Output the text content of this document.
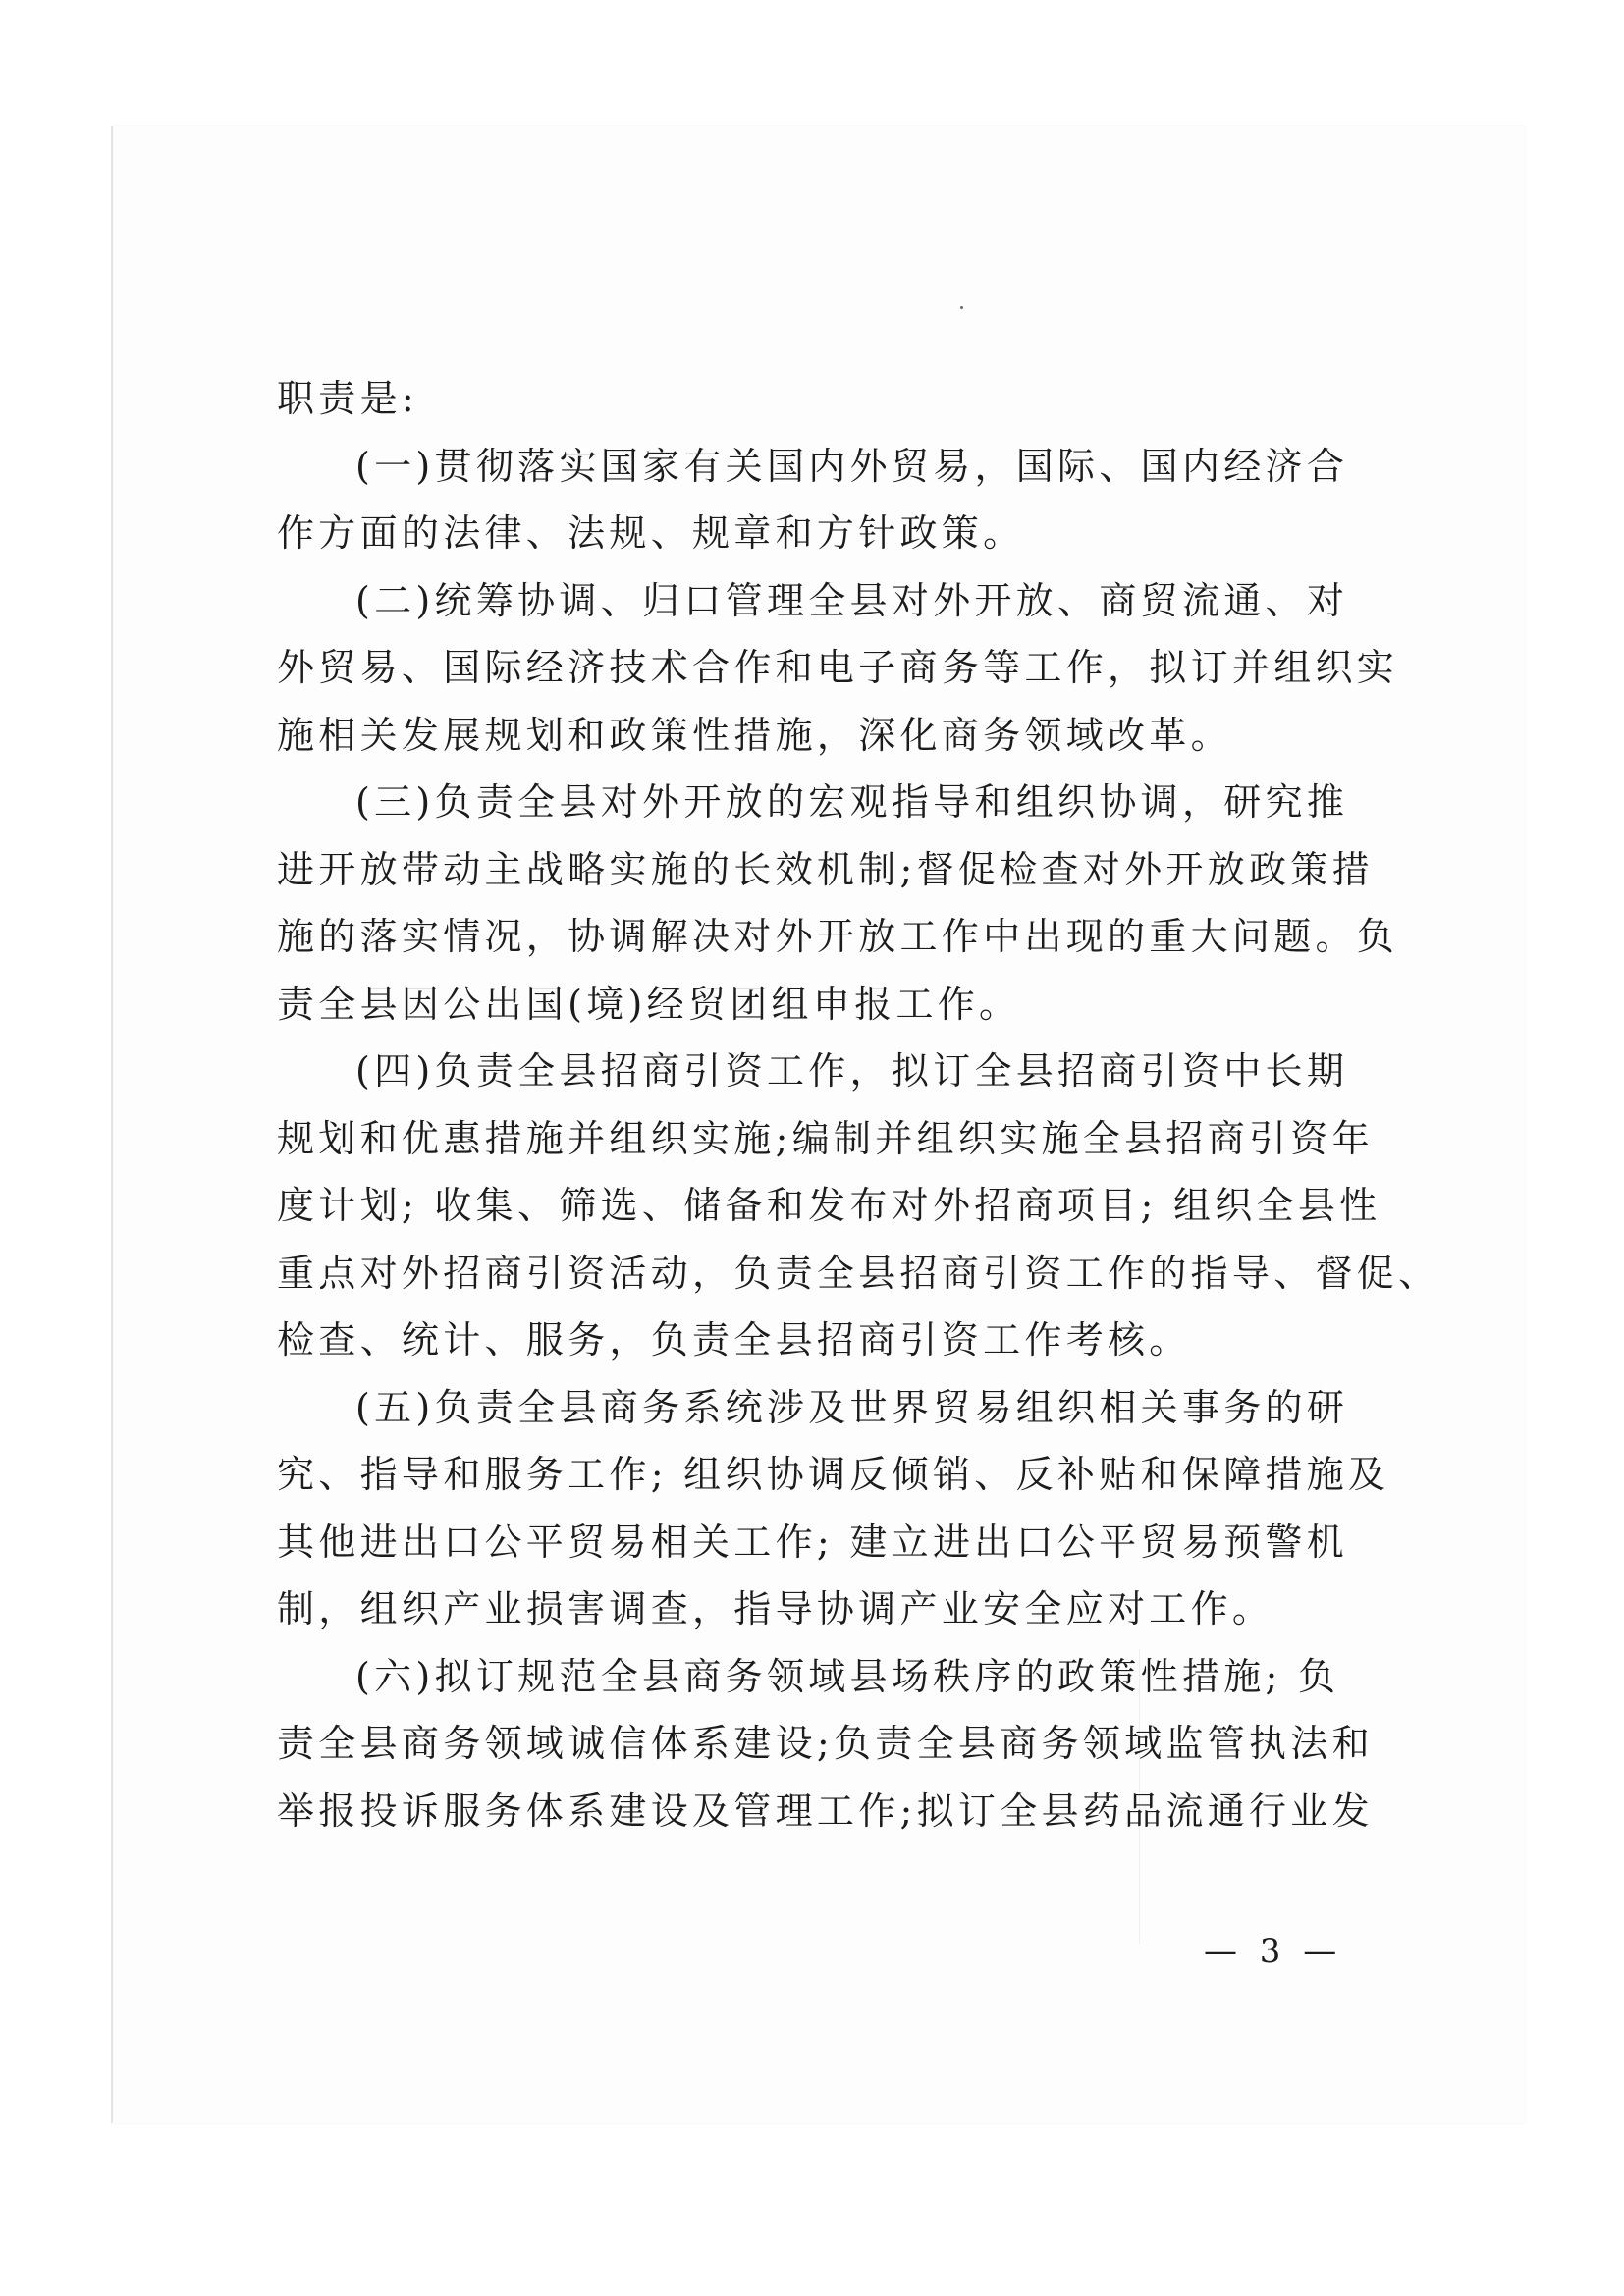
职责是:
(一)贯彻落实国家有关国内外贸易，国际、国内经济合
作方面的法律、法规、规章和方针政策。
(二)统筹协调、归口管理全县对外开放、商贸流通、对
外贸易、国际经济技术合作和电子商务等工作，拟订并组织实
施相关发展规划和政策性措施，深化商务领域改革。
(三)负责全县对外开放的宏观指导和组织协调，研究推
进开放带动主战略实施的长效机制;督促检查对外开放政策措
施的落实情况，协调解决对外开放工作中出现的重大问题。负
责全县因公出国(境)经贸团组申报工作。
(四)负责全县招商引资工作，拟订全县招商引资中长期
规划和优惠措施并组织实施;编制并组织实施全县招商引资年
度计划; 收集、筛选、储备和发布对外招商项目; 组织全县性
重点对外招商引资活动，负责全县招商引资工作的指导、督促、
检查、统计、服务，负责全县招商引资工作考核。
(五)负责全县商务系统涉及世界贸易组织相关事务的研
究、指导和服务工作; 组织协调反倾销、反补贴和保障措施及
其他进出口公平贸易相关工作; 建立进出口公平贸易预警机
制，组织产业损害调查，指导协调产业安全应对工作。
(六)拟订规范全县商务领域县场秩序的政策性措施; 负
责全县商务领域诚信体系建设;负责全县商务领域监管执法和
举报投诉服务体系建设及管理工作;拟订全县药品流通行业发
— 3 —
